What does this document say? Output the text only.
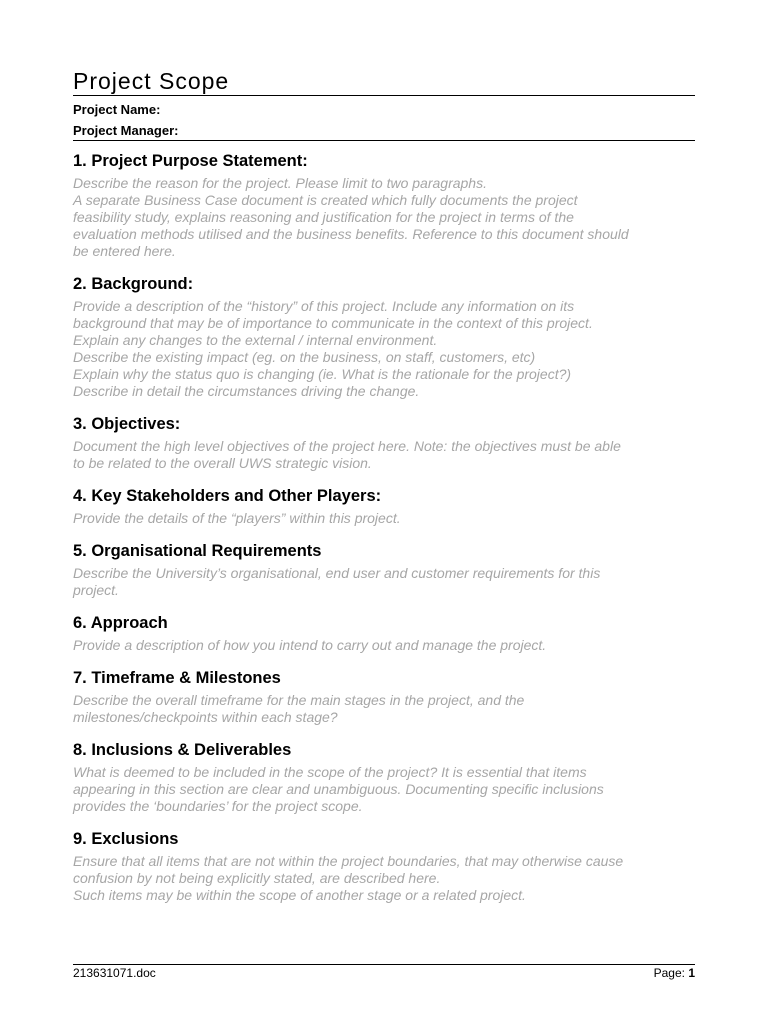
Project Scope
Project Name:
Project Manager:
1. Project Purpose Statement:

Describe the reason for the project. Please limit to two paragraphs.
A separate Business Case document is created which fully documents the project
feasibility study, explains reasoning and justification for the project in terms of the
evaluation methods utilised and the business benefits. Reference to this document should
be entered here.

2. Background:

Provide a description of the “history” of this project. Include any information on its
background that may be of importance to communicate in the context of this project.
Explain any changes to the external / internal environment.
Describe the existing impact (eg. on the business, on staff, customers, etc)
Explain why the status quo is changing (ie. What is the rationale for the project?)
Describe in detail the circumstances driving the change.

3. Objectives:

Document the high level objectives of the project here. Note: the objectives must be able
to be related to the overall UWS strategic vision.

4. Key Stakeholders and Other Players:

Provide the details of the “players” within this project.

5. Organisational Requirements

Describe the University’s organisational, end user and customer requirements for this
project.

6. Approach

Provide a description of how you intend to carry out and manage the project.

7. Timeframe & Milestones

Describe the overall timeframe for the main stages in the project, and the
milestones/checkpoints within each stage?

8. Inclusions & Deliverables

What is deemed to be included in the scope of the project? It is essential that items
appearing in this section are clear and unambiguous. Documenting specific inclusions
provides the ‘boundaries’ for the project scope.

9. Exclusions

Ensure that all items that are not within the project boundaries, that may otherwise cause
confusion by not being explicitly stated, are described here.
Such items may be within the scope of another stage or a related project.

213631071.doc	Page: 1
